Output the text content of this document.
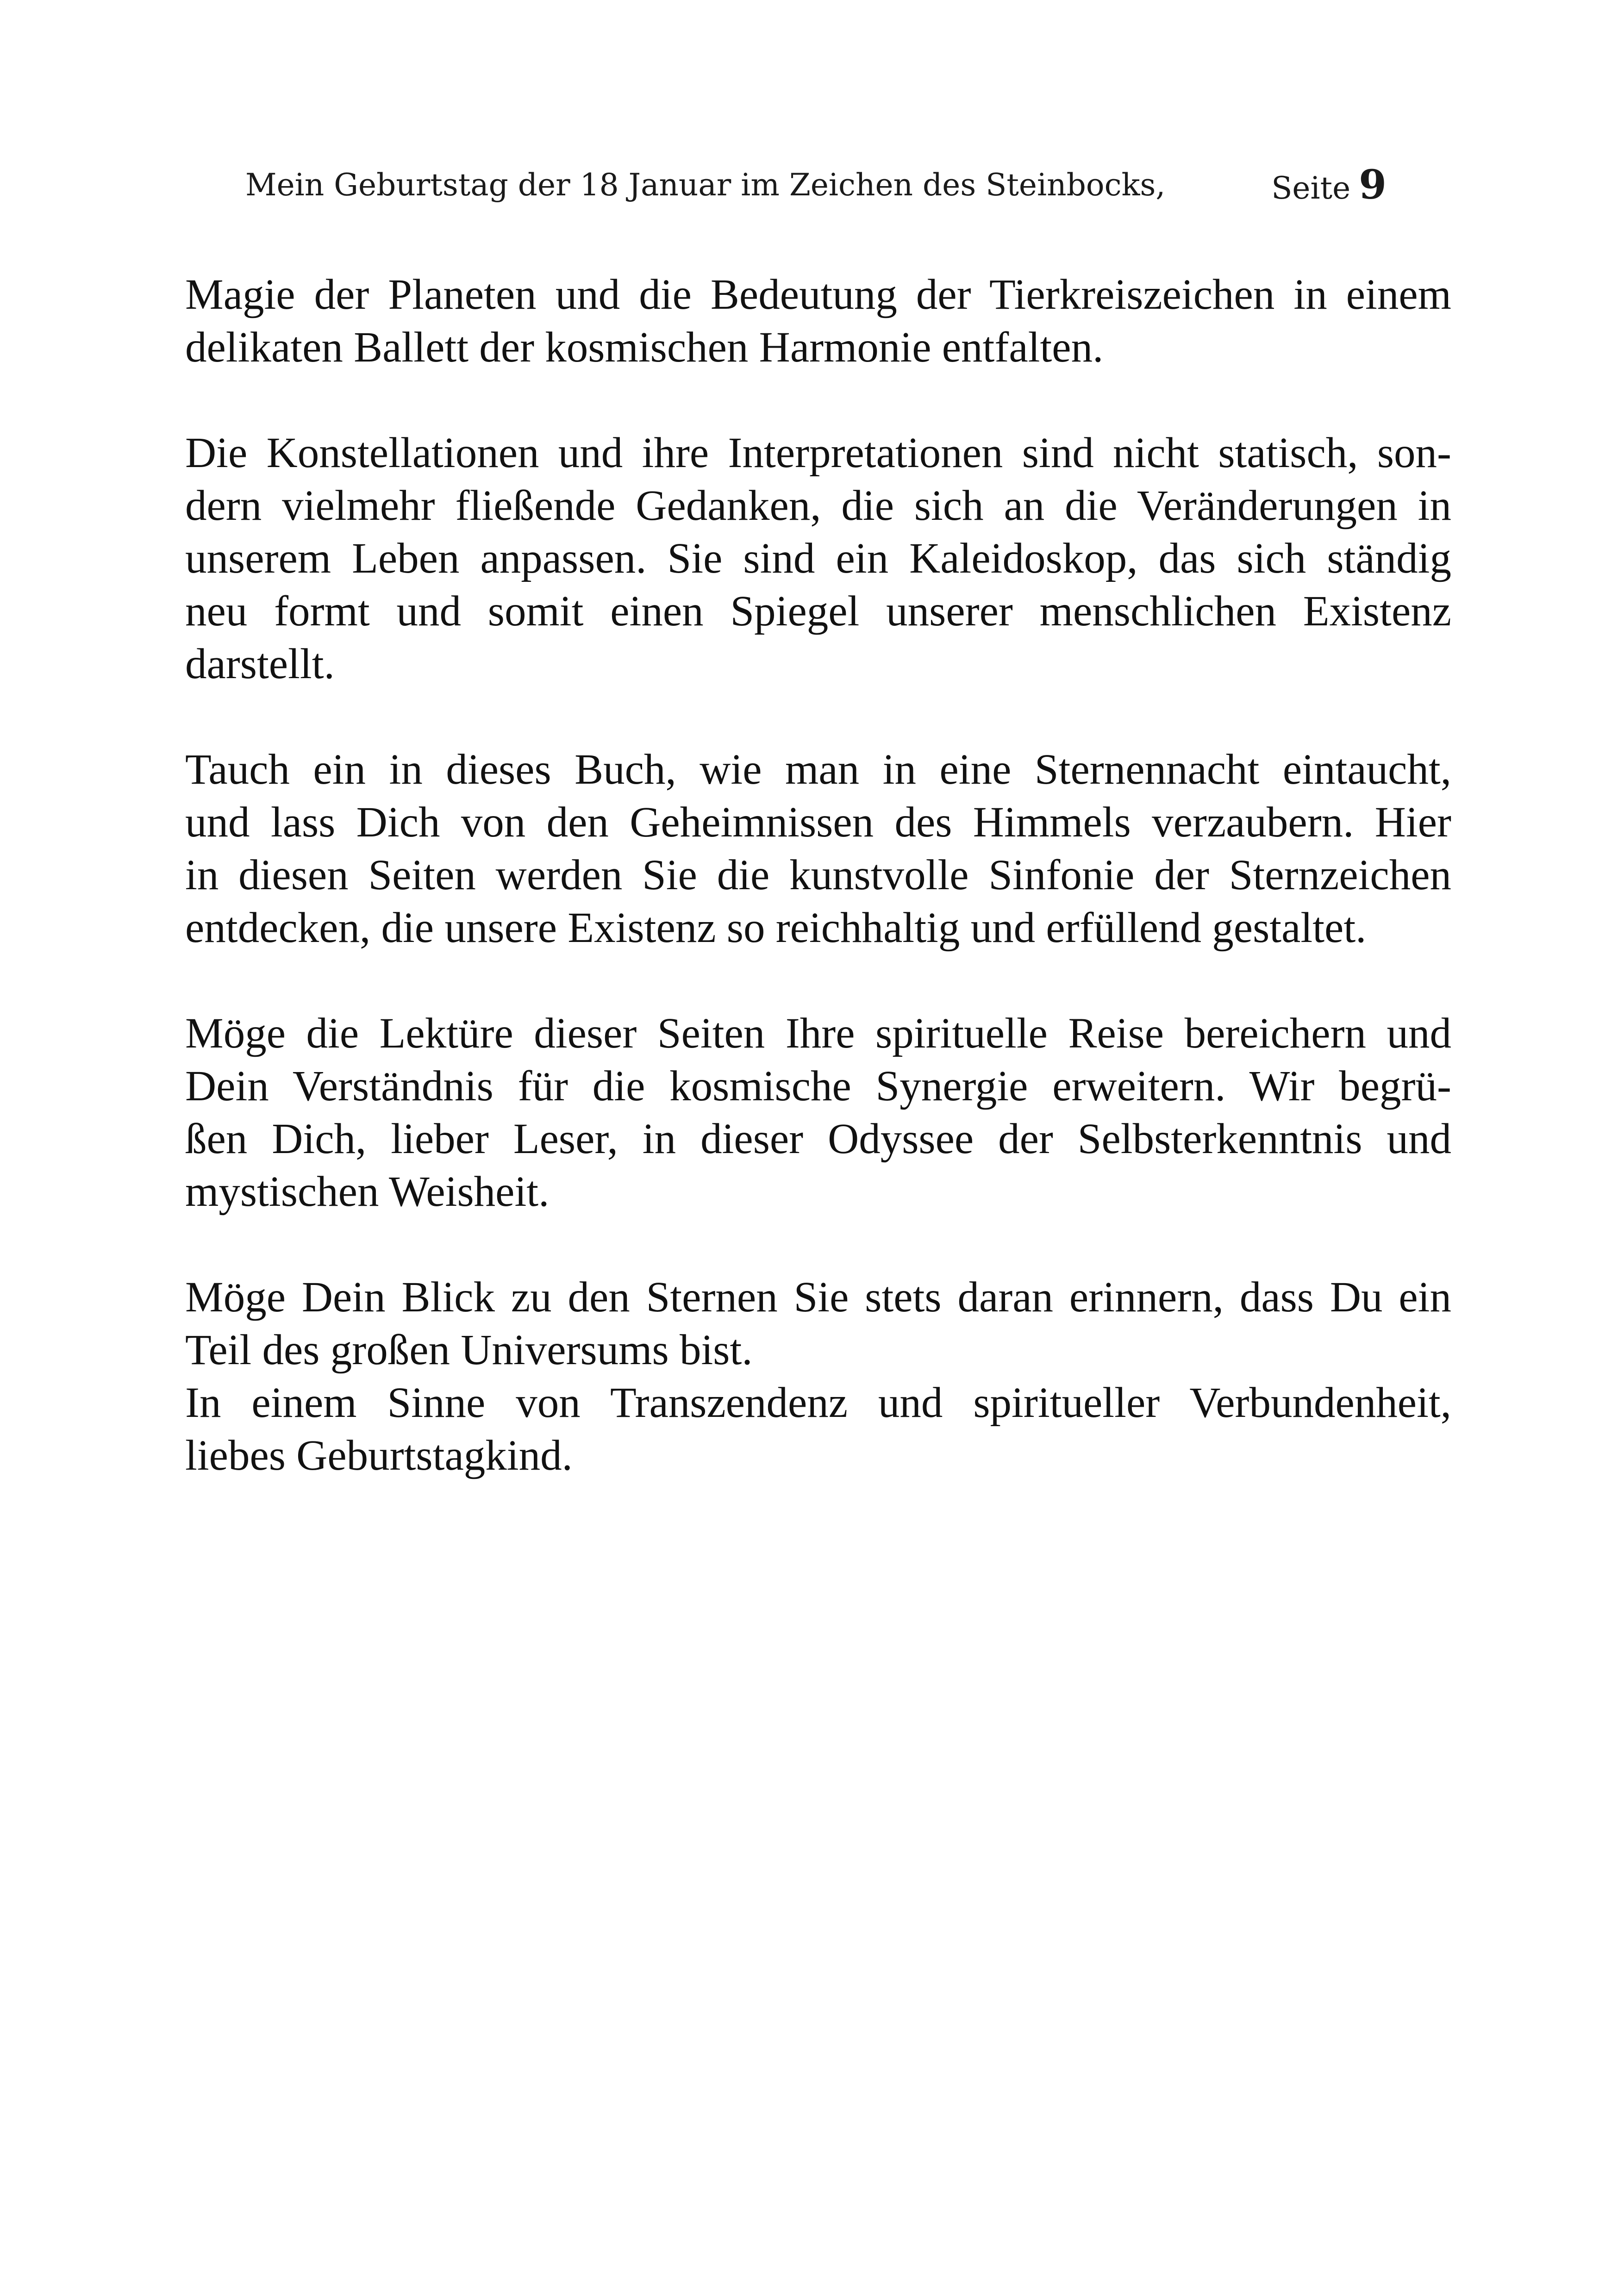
Mein Geburtstag der 18 Januar im Zeichen des Steinbocks,	Seite 9

Magie der Planeten und die Bedeutung der Tierkreiszeichen in einem
delikaten Ballett der kosmischen Harmonie entfalten.

Die Konstellationen und ihre Interpretationen sind nicht statisch, son-
dern vielmehr fließende Gedanken, die sich an die Veränderungen in
unserem Leben anpassen. Sie sind ein Kaleidoskop, das sich ständig
neu formt und somit einen Spiegel unserer menschlichen Existenz
darstellt.

Tauch ein in dieses Buch, wie man in eine Sternennacht eintaucht,
und lass Dich von den Geheimnissen des Himmels verzaubern. Hier
in diesen Seiten werden Sie die kunstvolle Sinfonie der Sternzeichen
entdecken, die unsere Existenz so reichhaltig und erfüllend gestaltet.

Möge die Lektüre dieser Seiten Ihre spirituelle Reise bereichern und
Dein Verständnis für die kosmische Synergie erweitern. Wir begrü-
ßen Dich, lieber Leser, in dieser Odyssee der Selbsterkenntnis und
mystischen Weisheit.

Möge Dein Blick zu den Sternen Sie stets daran erinnern, dass Du ein
Teil des großen Universums bist.
In einem Sinne von Transzendenz und spiritueller Verbundenheit,
liebes Geburtstagkind.
